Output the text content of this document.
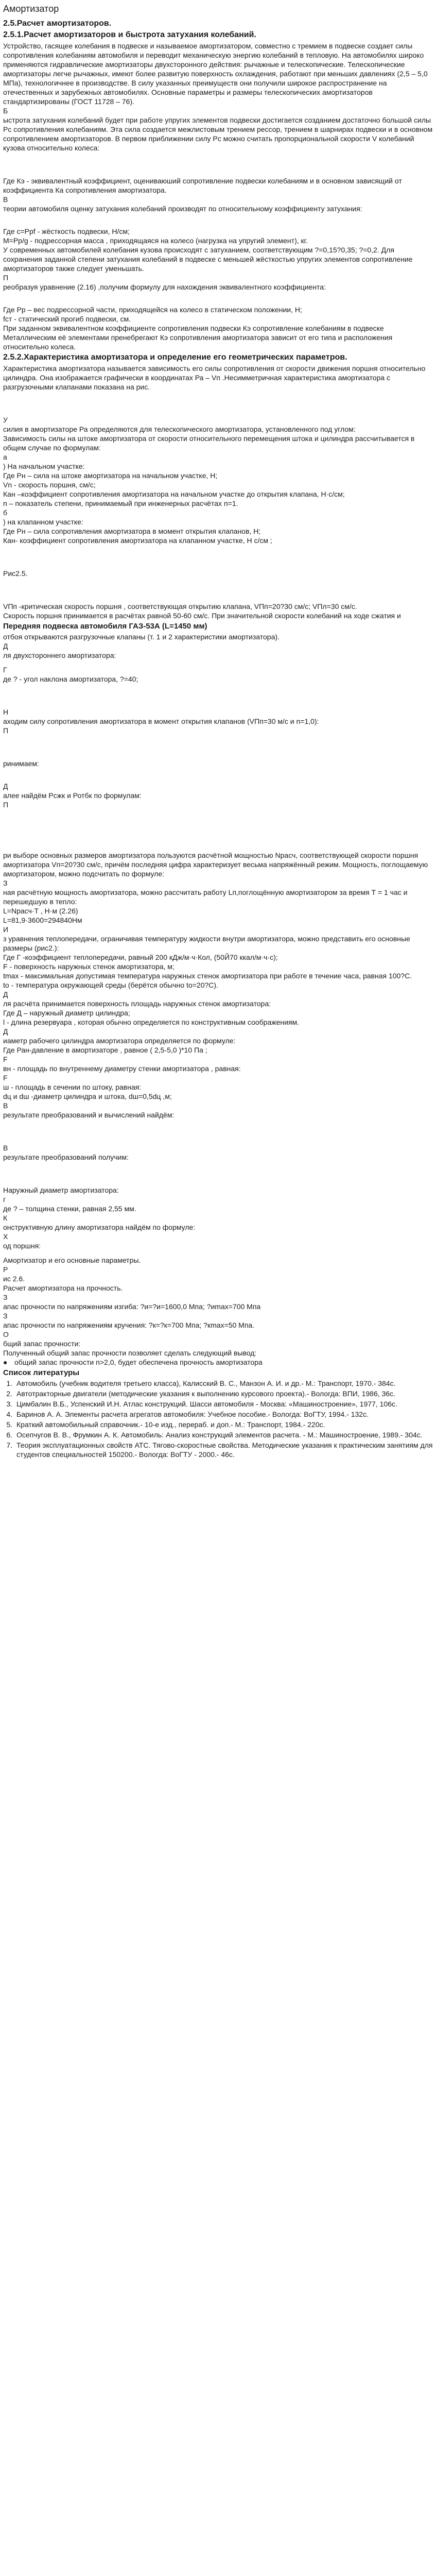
Амортизатор
2.5.Расчет амортизаторов.
2.5.1.Расчет амортизаторов и быстрота затухания колебаний.
Устройство, гасящее колебания в подвеске и называемое амортизатором, совместно с тремием в подвеске создает силы сопротивления колебаниям автомобиля и переводит механическую энергию колебаний в тепловую. На автомобилях широко применяются гидравлические амортизаторы двухсторонного действия: рычажные и телескопические. Телескопические амортизаторы легче рычажных, имеют более развитую поверхность охлаждения, работают при меньших давлениях (2,5 – 5,0 МПа), технологичнее в производстве. В силу указанных преимуществ они получили широкое распространение на отечественных и зарубежных автомобилях. Основные параметры и размеры телескопических амортизаторов стандартизированы (ГОСТ 11728 – 76).
Б
ыстрота затухания колебаний будет при работе упругих элементов подвески достигается созданием достаточно большой силы Рс сопротивления колебаниям. Эта сила создается межлистовым трением рессор, трением в шарнирах подвески и в основном сопротивлением амортизаторов. В первом приближении силу Рс можно считать пропорциональной скорости V колебаний кузова относительно колеса:
Где Кэ - эквивалентный коэффициент, оцениваюший сопротивление подвески колебаниям и в основном зависящий от коэффициента Ка сопротивления амортизатора.
В
теории автомобиля оценку затухания колебаний производят по относительному коэффициенту затухания:
Где с=Ррf - жёсткость подвески, Н/см;
M=Pp/g - подрессорная масса , приходящаяся на колесо (нагрузка на упругий элемент), кг.
У современных автомобилей колебания кузова происходят с затуханием, соответствующим ?=0,15?0,35; ?=0,2. Для сохранения заданной степени затухания колебаний в подвеске с меньшей жёсткостью упругих элементов сопротивление амортизаторов также следует уменьшать.
П
реобразуя уравнение (2.16) ,получим формулу для нахождения эквивалентного коэффициента:
Где Рр – вес подрессорной части, приходящейся на колесо в статическом положении, Н;
fст - статический прогиб подвески, см.
При заданном эквивалентном коэффициенте сопротивления подвески Кэ сопротивление колебаниям в подвеске Металлическим её элементами пренебрегают Кэ сопротивления амортизатора зависит от его типа и расположения относительно колеса.
2.5.2.Характеристика амортизатора и определение его геометрических параметров.
Характеристика амортизатора называется зависимость его силы сопротивления от скорости движения поршня относительно цилиндра. Она изображается графически в координатах Ра – Vп .Несимметричная характеристика амортизатора с разгрузочными клапанами показана на рис.
У
силия в амортизаторе Ра определяются для телескопического амортизатора, установленного под углом:
Зависимость силы на штоке амортизатора от скорости относительного перемещения штока и цилиндра рассчитывается в общем случае по формулам:
а
) На начальном участке:
Где Рн – сила на штоке амортизатора на начальном участке, Н;
Vn - скорость поршня, см/с;
Кан –коэффициент сопротивления амортизатора на начальном участке до открытия клапана, Н·с/см;
n – показатель степени, принимаемый при инженерных расчётах n=1.
б
) на клапанном участке:
Где Рн – сила сопротивления амортизатора в момент открытия клапанов, Н;
Кан- коэффициент сопротивления амортизатора на клапанном участке, Н с/см ;
Рис2.5.
VПп -критическая скорость поршня , соответствующая открытию клапана, VПп=20?30 см/с; VПл=30 см/с.
Скорость поршня принимается в расчётах равной 50-60 см/с. При значительной скорости колебаний на ходе сжатия и
Передняя подвеска автомобиля ГАЗ-53А (L=1450 мм)
отбоя открываются разгрузочные клапаны (т. 1 и 2 характеристики амортизатора).
Д
ля двухстороннего амортизатора:
Г
де ? - угол наклона амортизатора, ?=40;
Н
аходим силу сопротивления амортизатора в момент открытия клапанов (VПп=30 м/с и n=1,0):
П
ринимаем:
Д
алее найдём Рсжк и Ротбк по формулам:
П
ри выборе основных размеров амортизатора пользуются расчётной мощностью Nрасч, соответствующей скорости поршня амортизатора Vп=20?30 см/с, причём последняя цифра характеризует весьма напряжённый режим. Мощность, поглощаемую амортизатором, можно подсчитать по формуле:
З
ная расчётную мощность амортизатора, можно рассчитать работу Lп,поглощённую амортизатором за время Т = 1 час и перешедшую в тепло:
L=Nрасч·Т , Н·м (2.26)
L=81,9·3600=294840Нм
И
з уравнения теплопередачи, ограничивая температуру жидкости внутри амортизатора, можно представить его основные размеры (рис2.):
Где Г -коэффициент теплопередачи, равный 200 кДж/м·ч·Кол, (50Й70 ккал/м·ч·с);
F - поверхность наружных стенок амортизатора, м;
tmax - максимальная допустимая температура наружных стенок амортизатора при работе в течение часа, равная 100?С.
to - температура окружающей среды (берётся обычно to=20?С).
Д
ля расчёта принимается поверхность площадь наружных стенок амортизатора:
Где Д – наружный диаметр цилиндра;
l - длина резервуара , которая обычно определяется по конструктивным соображениям.
Д
иаметр рабочего цилиндра амортизатора определяется по формуле:
Где Ран-давление в амортизаторе , равное ( 2,5-5,0 )*10 Па ;
F
вн - площадь по внутреннему диаметру стенки амортизатора , равная:
F
ш - площадь в сечении по штоку, равная:
dц и dш -диаметр цилиндра и штока, dш=0,5dц ,м;
В
результате преобразований и вычислений найдём:
В
результате преобразований получим:
Наружный диаметр амортизатора:
г
де ? – толщина стенки, равная 2,55 мм.
К
онструктивную длину амортизатора найдём по формуле:
Х
од поршня:
Амортизатор и его основные параметры.
Р
ис 2.6.
Расчет амортизатора на прочность.
З
апас прочности по напряжениям изгиба: ?и=?и=1600,0 Мпа; ?иmax=700 Мпа
З
апас прочности по напряжениям кручения: ?к=?к=700 Мпа; ?кmax=50 Мпа.
О
бщий запас прочности:
Полученный общий запас прочности позволяет сделать следующий вывод:
● общий запас прочности n>2,0, будет обеспечена прочность амортизатора
Список литературы
1. Автомобиль (учебник водителя третьего класса), Калисский В. С., Манзон А. И. и др.- М.: Транспорт, 1970.- 384с.
2. Автотракторные двигатели (методические указания к выполнению курсового проекта).- Вологда: ВПИ, 1986, 36с.
3. Цимбалин В.Б., Успенский И.Н. Атлас конструкций. Шасси автомобиля - Москва: «Машиностроение», 1977, 106с.
4. Баринов А. А. Элементы расчета агрегатов автомобиля: Учебное пособие.- Вологда: ВоГТУ, 1994.- 132с.
5. Краткий автомобильный справочник.- 10-е изд., перераб. и доп.- М.: Транспорт, 1984.- 220с.
6. Осепчугов В. В., Фрумкин А. К. Автомобиль: Анализ конструкций элементов расчета. - М.: Машиностроение, 1989.- 304с.
7. Теория эксплуатационных свойств АТС. Тягово-скоростные свойства. Методические указания к практическим занятиям для студентов специальностей 150200.- Вологда: ВоГТУ - 2000.- 46с.
